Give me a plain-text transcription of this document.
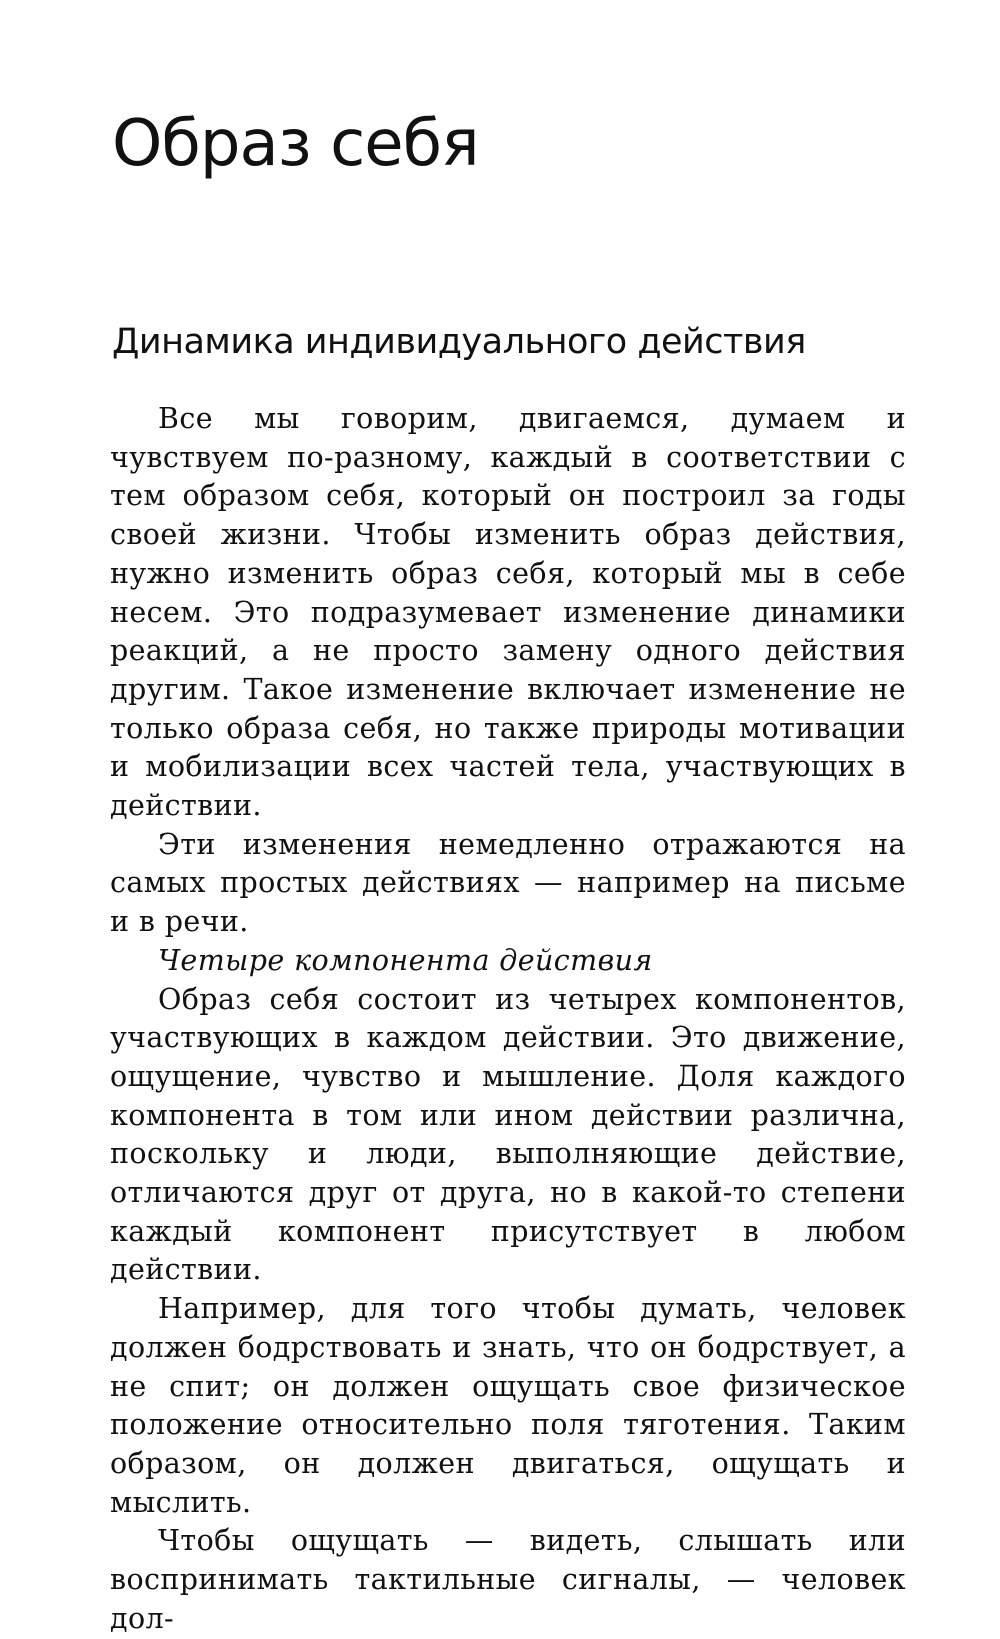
Образ себя
Динамика индивидуального действия

Все мы говорим, двигаемся, думаем и чувствуем по-разному, каждый в соответствии с тем образом себя, который он построил за годы своей жизни. Чтобы изменить образ действия, нужно изменить образ себя, который мы в себе несем. Это подразумевает изменение динамики реакций, а не просто замену одного действия другим. Такое изменение включает изменение не только образа себя, но также природы мотивации и мобилизации всех частей тела, участвующих в действии.

Эти изменения немедленно отражаются на самых простых действиях — например на письме и в речи.

Четыре компонента действия

Образ себя состоит из четырех компонентов, участвующих в каждом действии. Это движение, ощущение, чувство и мышление. Доля каждого компонента в том или ином действии различна, поскольку и люди, выполняющие действие, отличаются друг от друга, но в какой-то степени каждый компонент присутствует в любом действии.

Например, для того чтобы думать, человек должен бодрствовать и знать, что он бодрствует, а не спит; он должен ощущать свое физическое положение относительно поля тяготения. Таким образом, он должен двигаться, ощущать и мыслить.

Чтобы ощущать — видеть, слышать или воспринимать тактильные сигналы, — человек дол-
